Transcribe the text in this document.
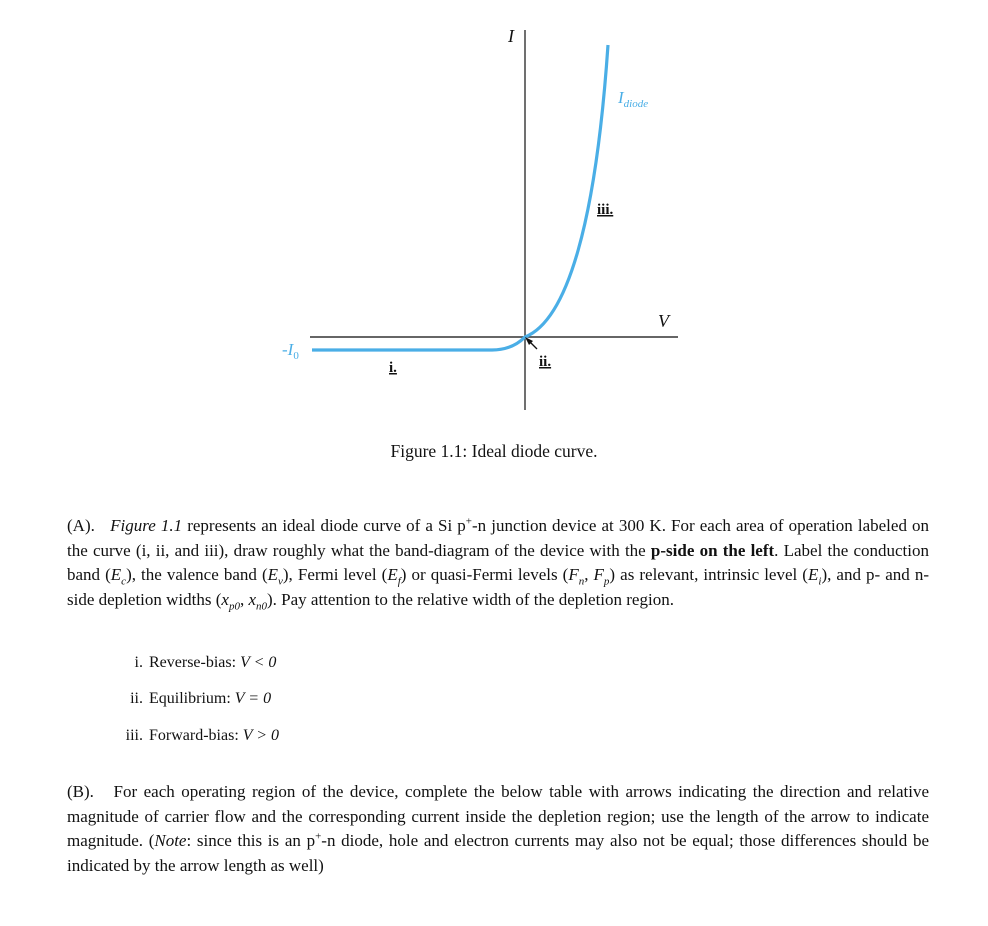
I
V
$-I_0$
$I_{diode}$
i.	ii.
iii.
Figure 1.1: Ideal diode curve.
(A). Figure 1.1 represents an ideal diode curve of a Si p+-n junction device at 300 K. For each area of operation labeled on the curve (i, ii, and iii), draw roughly what the band-diagram of the device with the p-side on the left. Label the conduction band $(E_c)$, the valence band $(E_v)$, Fermi level $(E_f)$ or quasi-Fermi levels ($F_n$, $F_p$) as relevant, intrinsic level $(E_i)$, and p- and n-side depletion widths ($x_{p0}$, $x_{n0}$). Pay attention to the relative width of the depletion region.
i. Reverse-bias: V < 0
ii. Equilibrium: V = 0
iii. Forward-bias: V > 0
(B). For each operating region of the device, complete the below table with arrows indicating the direction and relative magnitude of carrier flow and the corresponding current inside the depletion region; use the length of the arrow to indicate magnitude. (Note: since this is an p+-n diode, hole and electron currents may also not be equal; those differences should be indicated by the arrow length as well)
